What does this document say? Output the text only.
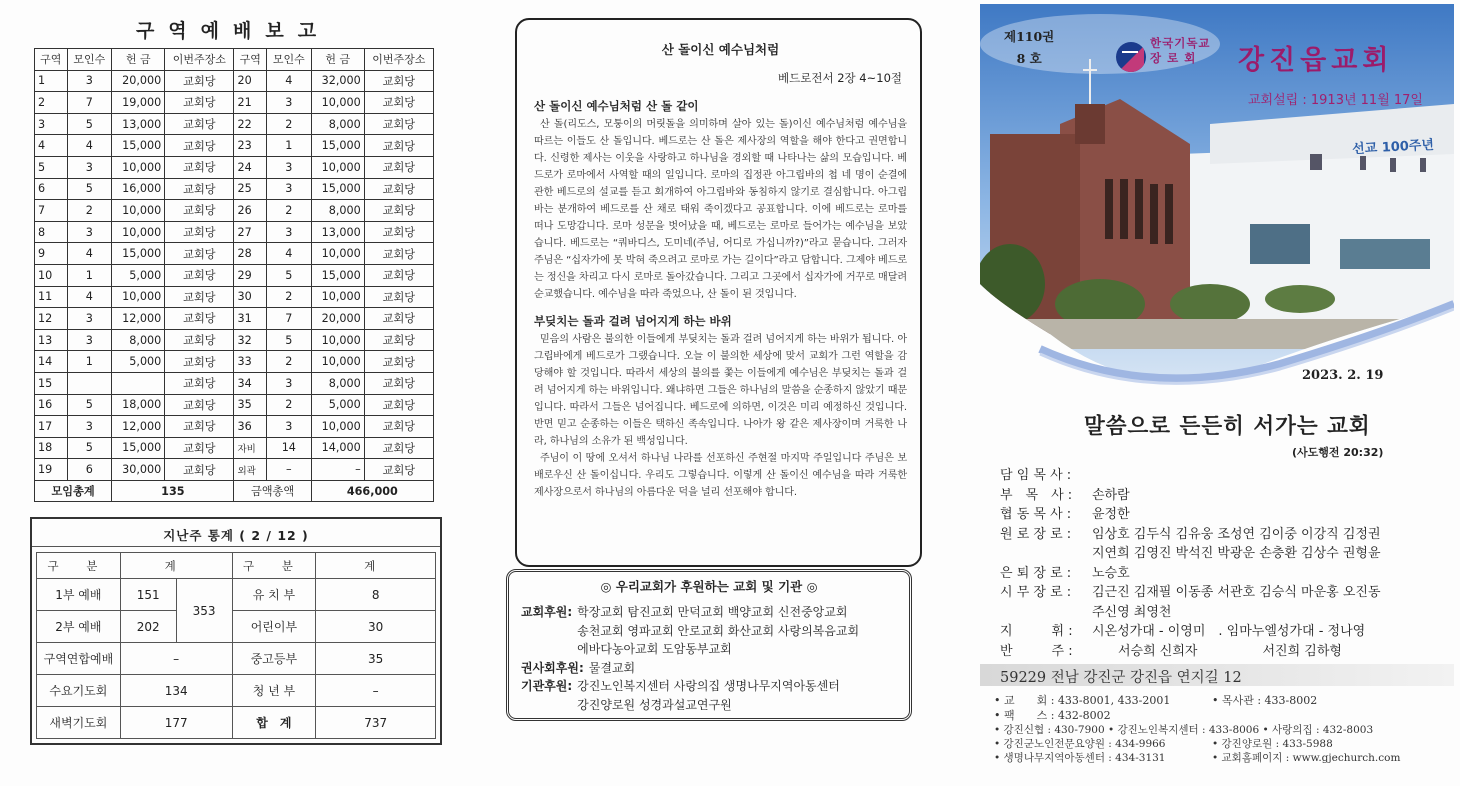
구역예배보고
구역	모인수	헌 금	이번주장소	구역	모인수	헌 금	이번주장소
1	3	20,000	교회당	20	4	32,000	교회당
2	7	19,000	교회당	21	3	10,000	교회당
3	5	13,000	교회당	22	2	8,000	교회당
4	4	15,000	교회당	23	1	15,000	교회당
5	3	10,000	교회당	24	3	10,000	교회당
6	5	16,000	교회당	25	3	15,000	교회당
7	2	10,000	교회당	26	2	8,000	교회당
8	3	10,000	교회당	27	3	13,000	교회당
9	4	15,000	교회당	28	4	10,000	교회당
10	1	5,000	교회당	29	5	15,000	교회당
11	4	10,000	교회당	30	2	10,000	교회당
12	3	12,000	교회당	31	7	20,000	교회당
13	3	8,000	교회당	32	5	10,000	교회당
14	1	5,000	교회당	33	2	10,000	교회당
15			교회당	34	3	8,000	교회당
16	5	18,000	교회당	35	2	5,000	교회당
17	3	12,000	교회당	36	3	10,000	교회당
18	5	15,000	교회당	자비	14	14,000	교회당
19	6	30,000	교회당	외곽	–	–	교회당
모임총계		135		금액총액		466,000	
지난주 통계 ( 2 / 12 )
구 분	계		구 분	계
1부 예배	151	353	유 치 부	8
2부 예배	202		어린이부	30
구역연합예배	–		중고등부	35
수요기도회	134		청 년 부	–
새벽기도회	177		합　계	737
산 돌이신 예수님처럼
베드로전서 2장 4~10절
산 돌이신 예수님처럼 산 돌 같이
산 돌(리도스, 모퉁이의 머릿돌을 의미하며 살아 있는 돌)이신 예수님처럼 예수님을 따르는 이들도 산 돌입니다. 베드로는 산 돌은 제사장의 역할을 해야 한다고 권면합니다. 신령한 제사는 이웃을 사랑하고 하나님을 경외할 때 나타나는 삶의 모습입니다. 베드로가 로마에서 사역할 때의 일입니다. 로마의 집정관 아그립바의 첩 네 명이 순결에 관한 베드로의 설교를 듣고 회개하여 아그립바와 동침하지 않기로 결심합니다. 아그립바는 분개하여 베드로를 산 채로 태워 죽이겠다고 공표합니다. 이에 베드로는 로마를 떠나 도망갑니다. 로마 성문을 벗어났을 때, 베드로는 로마로 들어가는 예수님을 보았습니다. 베드로는 “쿼바디스, 도미네(주님, 어디로 가십니까?)”라고 묻습니다. 그러자 주님은 “십자가에 못 박혀 죽으려고 로마로 가는 길이다”라고 답합니다. 그제야 베드로는 정신을 차리고 다시 로마로 돌아갔습니다. 그리고 그곳에서 십자가에 거꾸로 매달려 순교했습니다. 예수님을 따라 죽었으나, 산 돌이 된 것입니다.
부딪치는 돌과 걸려 넘어지게 하는 바위
믿음의 사람은 불의한 이들에게 부딪치는 돌과 걸려 넘어지게 하는 바위가 됩니다. 아그립바에게 베드로가 그랬습니다. 오늘 이 불의한 세상에 맞서 교회가 그런 역할을 감당해야 할 것입니다. 따라서 세상의 불의를 쫓는 이들에게 예수님은 부딪치는 돌과 걸려 넘어지게 하는 바위입니다. 왜냐하면 그들은 하나님의 말씀을 순종하지 않았기 때문입니다. 따라서 그들은 넘어집니다. 베드로에 의하면, 이것은 미리 예정하신 것입니다. 반면 믿고 순종하는 이들은 택하신 족속입니다. 나아가 왕 같은 제사장이며 거룩한 나라, 하나님의 소유가 된 백성입니다.
주님이 이 땅에 오셔서 하나님 나라를 선포하신 주현절 마지막 주일입니다 주님은 보배로우신 산 돌이십니다. 우리도 그렇습니다. 이렇게 산 돌이신 예수님을 따라 거룩한 제사장으로서 하나님의 아름다운 덕을 널리 선포해야 합니다.
◎ 우리교회가 후원하는 교회 및 기관 ◎
교회후원: 학장교회 탐진교회 만덕교회 백양교회 신전중앙교회
송천교회 영파교회 안로교회 화산교회 사랑의복음교회
에바다농아교회 도암동부교회
권사회후원: 물결교회
기관후원: 강진노인복지센터 사랑의집 생명나무지역아동센터
강진양로원 성경과설교연구원
제110권
8 호
한국기독교
장 로 회	강진읍교회
교회설립 : 1913년 11월 17일
선교 100주년
2023. 2. 19
말씀으로 든든히 서가는 교회
(사도행전 20:32)
담 임 목 사 :
부　목　사 :	손하람
협 동 목 사 :	윤정한
원 로 장 로 :	임상호 김두식 김유웅 조성연 김이중 이강직 김정권
지연희 김영진 박석진 박광운 손충환 김상수 권형윤
은 퇴 장 로 :	노승호
시 무 장 로 :	김근진 김재필 이동종 서관호 김승식 마운홍 오진동
주신영 최영천
지　　　휘 :	시온성가대 - 이영미　. 임마누엘성가대 - 정나영
반　　　주 :	　　서승희 신희자　　　　　서진희 김하형
59229 전남 강진군 강진읍 연지길 12
• 교　　회 : 433-8001, 433-2001	• 목사관 : 433-8002
• 팩　　스 : 432-8002
• 강진신협 : 430-7900 • 강진노인복지센터 : 433-8006 • 사랑의집 : 432-8003
• 강진군노인전문요양원 : 434-9966	• 강진양로원 : 433-5988
• 생명나무지역아동센터 : 434-3131	• 교회홈페이지 : www.gjechurch.com
